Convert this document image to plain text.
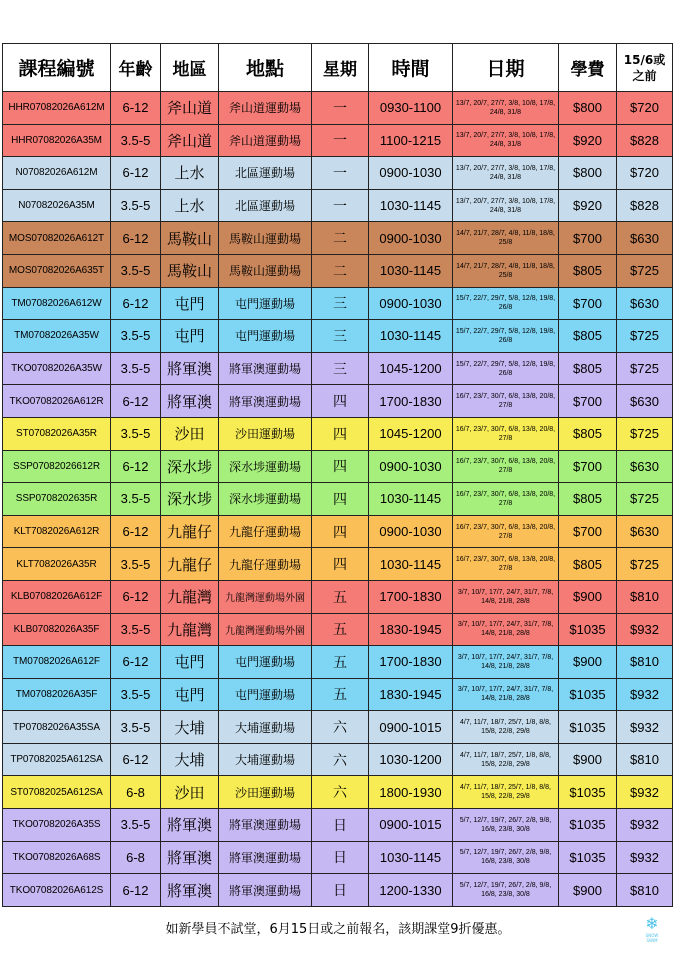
課程編號	年齡	地區	地點	星期	時間	日期	學費	15/6或
之前
HHR07082026A612M	6-12	斧山道	斧山道運動場	一	0930-1100	13/7, 20/7, 27/7, 3/8, 10/8, 17/8, 24/8, 31/8	$800	$720
HHR07082026A35M	3.5-5	斧山道	斧山道運動場	一	1100-1215	13/7, 20/7, 27/7, 3/8, 10/8, 17/8, 24/8, 31/8	$920	$828
N07082026A612M	6-12	上水	北區運動場	一	0900-1030	13/7, 20/7, 27/7, 3/8, 10/8, 17/8, 24/8, 31/8	$800	$720
N07082026A35M	3.5-5	上水	北區運動場	一	1030-1145	13/7, 20/7, 27/7, 3/8, 10/8, 17/8, 24/8, 31/8	$920	$828
MOS07082026A612T	6-12	馬鞍山	馬鞍山運動場	二	0900-1030	14/7, 21/7, 28/7, 4/8, 11/8, 18/8, 25/8	$700	$630
MOS07082026A635T	3.5-5	馬鞍山	馬鞍山運動場	二	1030-1145	14/7, 21/7, 28/7, 4/8, 11/8, 18/8, 25/8	$805	$725
TM07082026A612W	6-12	屯門	屯門運動場	三	0900-1030	15/7, 22/7, 29/7, 5/8, 12/8, 19/8, 26/8	$700	$630
TM07082026A35W	3.5-5	屯門	屯門運動場	三	1030-1145	15/7, 22/7, 29/7, 5/8, 12/8, 19/8, 26/8	$805	$725
TKO07082026A35W	3.5-5	將軍澳	將軍澳運動場	三	1045-1200	15/7, 22/7, 29/7, 5/8, 12/8, 19/8, 26/8	$805	$725
TKO07082026A612R	6-12	將軍澳	將軍澳運動場	四	1700-1830	16/7, 23/7, 30/7, 6/8, 13/8, 20/8, 27/8	$700	$630
ST07082026A35R	3.5-5	沙田	沙田運動場	四	1045-1200	16/7, 23/7, 30/7, 6/8, 13/8, 20/8, 27/8	$805	$725
SSP07082026612R	6-12	深水埗	深水埗運動場	四	0900-1030	16/7, 23/7, 30/7, 6/8, 13/8, 20/8, 27/8	$700	$630
SSP0708202635R	3.5-5	深水埗	深水埗運動場	四	1030-1145	16/7, 23/7, 30/7, 6/8, 13/8, 20/8, 27/8	$805	$725
KLT7082026A612R	6-12	九龍仔	九龍仔運動場	四	0900-1030	16/7, 23/7, 30/7, 6/8, 13/8, 20/8, 27/8	$700	$630
KLT7082026A35R	3.5-5	九龍仔	九龍仔運動場	四	1030-1145	16/7, 23/7, 30/7, 6/8, 13/8, 20/8, 27/8	$805	$725
KLB07082026A612F	6-12	九龍灣	九龍灣運動場外園	五	1700-1830	3/7, 10/7, 17/7, 24/7, 31/7, 7/8, 14/8, 21/8, 28/8	$900	$810
KLB07082026A35F	3.5-5	九龍灣	九龍灣運動場外園	五	1830-1945	3/7, 10/7, 17/7, 24/7, 31/7, 7/8, 14/8, 21/8, 28/8	$1035	$932
TM07082026A612F	6-12	屯門	屯門運動場	五	1700-1830	3/7, 10/7, 17/7, 24/7, 31/7, 7/8, 14/8, 21/8, 28/8	$900	$810
TM07082026A35F	3.5-5	屯門	屯門運動場	五	1830-1945	3/7, 10/7, 17/7, 24/7, 31/7, 7/8, 14/8, 21/8, 28/8	$1035	$932
TP07082026A35SA	3.5-5	大埔	大埔運動場	六	0900-1015	4/7, 11/7, 18/7, 25/7, 1/8, 8/8, 15/8, 22/8, 29/8	$1035	$932
TP07082025A612SA	6-12	大埔	大埔運動場	六	1030-1200	4/7, 11/7, 18/7, 25/7, 1/8, 8/8, 15/8, 22/8, 29/8	$900	$810
ST07082025A612SA	6-8	沙田	沙田運動場	六	1800-1930	4/7, 11/7, 18/7, 25/7, 1/8, 8/8, 15/8, 22/8, 29/8	$1035	$932
TKO07082026A35S	3.5-5	將軍澳	將軍澳運動場	日	0900-1015	5/7, 12/7, 19/7, 26/7, 2/8, 9/8, 16/8, 23/8, 30/8	$1035	$932
TKO07082026A68S	6-8	將軍澳	將軍澳運動場	日	1030-1145	5/7, 12/7, 19/7, 26/7, 2/8, 9/8, 16/8, 23/8, 30/8	$1035	$932
TKO07082026A612S	6-12	將軍澳	將軍澳運動場	日	1200-1330	5/7, 12/7, 19/7, 26/7, 2/8, 9/8, 16/8, 23/8, 30/8	$900	$810
如新學員不試堂，6月15日或之前報名，該期課堂9折優惠。	❄
SNOW SWIM
